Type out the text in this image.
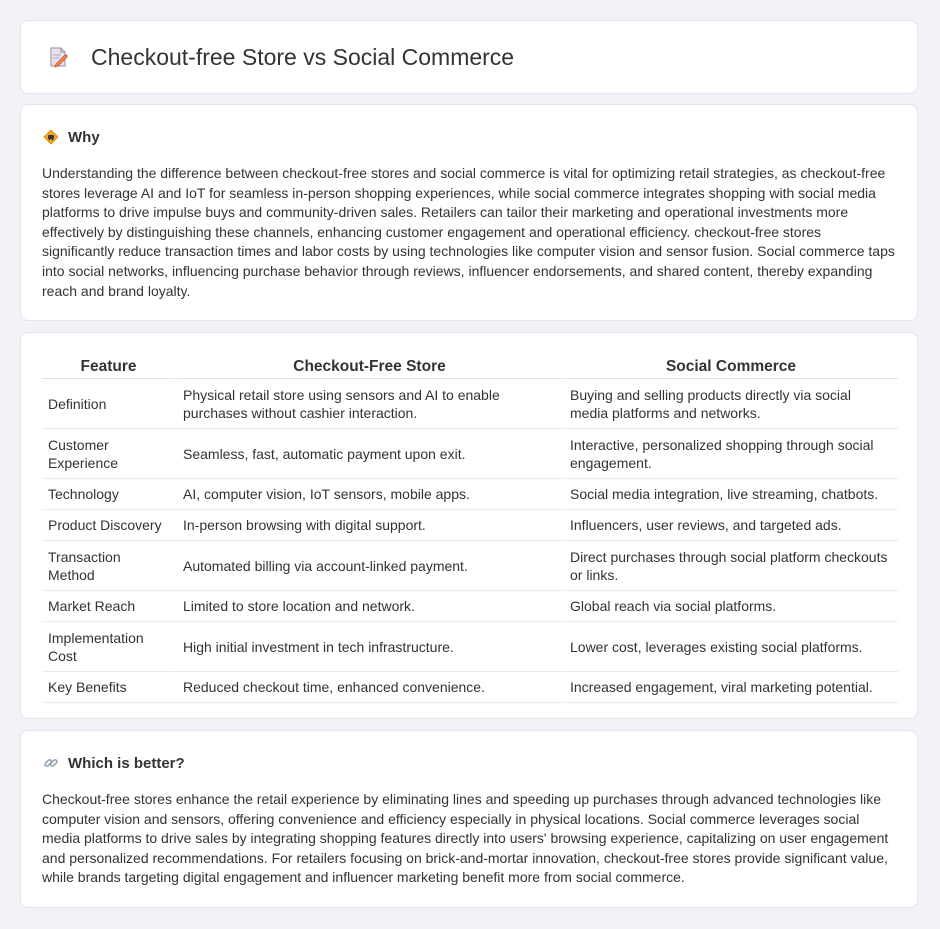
Checkout-free Store vs Social Commerce
Why

Understanding the difference between checkout-free stores and social commerce is vital for optimizing retail strategies, as checkout-free stores leverage AI and IoT for seamless in-person shopping experiences, while social commerce integrates shopping with social media platforms to drive impulse buys and community-driven sales. Retailers can tailor their marketing and operational investments more effectively by distinguishing these channels, enhancing customer engagement and operational efficiency. checkout-free stores significantly reduce transaction times and labor costs by using technologies like computer vision and sensor fusion. Social commerce taps into social networks, influencing purchase behavior through reviews, influencer endorsements, and shared content, thereby expanding reach and brand loyalty.

Feature	Checkout-Free Store	Social Commerce
Definition	Physical retail store using sensors and AI to enable purchases without cashier interaction.	Buying and selling products directly via social media platforms and networks.
Customer Experience	Seamless, fast, automatic payment upon exit.	Interactive, personalized shopping through social engagement.
Technology	AI, computer vision, IoT sensors, mobile apps.	Social media integration, live streaming, chatbots.
Product Discovery	In-person browsing with digital support.	Influencers, user reviews, and targeted ads.
Transaction Method	Automated billing via account-linked payment.	Direct purchases through social platform checkouts or links.
Market Reach	Limited to store location and network.	Global reach via social platforms.
Implementation Cost	High initial investment in tech infrastructure.	Lower cost, leverages existing social platforms.
Key Benefits	Reduced checkout time, enhanced convenience.	Increased engagement, viral marketing potential.
Which is better?

Checkout-free stores enhance the retail experience by eliminating lines and speeding up purchases through advanced technologies like computer vision and sensors, offering convenience and efficiency especially in physical locations. Social commerce leverages social media platforms to drive sales by integrating shopping features directly into users' browsing experience, capitalizing on user engagement and personalized recommendations. For retailers focusing on brick-and-mortar innovation, checkout-free stores provide significant value, while brands targeting digital engagement and influencer marketing benefit more from social commerce.
